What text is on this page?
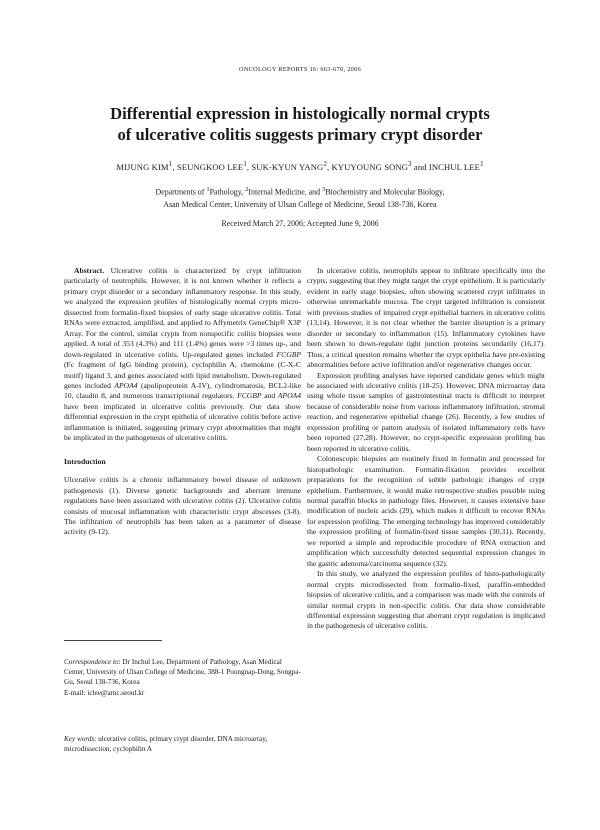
ONCOLOGY REPORTS 16: 663-670, 2006
Differential expression in histologically normal crypts
of ulcerative colitis suggests primary crypt disorder
MIJUNG KIM$^1$, SEUNGKOO LEE$^1$, SUK-KYUN YANG$^2$, KYUYOUNG SONG$^3$ and INCHUL LEE$^1$
Departments of $^1$Pathology, $^2$Internal Medicine, and $^3$Biochemistry and Molecular Biology,
Asan Medical Center, University of Ulsan College of Medicine, Seoul 138-736, Korea
Received March 27, 2006; Accepted June 9, 2006

Abstract. Ulcerative colitis is characterized by crypt infiltration particularly of neutrophils. However, it is not known whether it reflects a primary crypt disorder or a secondary inflammatory response. In this study, we analyzed the expression profiles of histologically normal crypts micro-dissected from formalin-fixed biopsies of early stage ulcerative colitis. Total RNAs were extracted, amplified, and applied to Affymetrix GeneChip® X3P Array. For the control, similar crypts from nonspecific colitis biopsies were applied. A total of 353 (4.3%) and 111 (1.4%) genes were >3 times up-, and down-regulated in ulcerative colitis. Up-regulated genes included FCGBP (Fc fragment of IgG binding protein), cyclophilin A, chemokine (C-X-C motif) ligand 3, and genes associated with lipid metabolism. Down-regulated genes included APOA4 (apolipoprotein A-IV), cylindromatosis, BCL2-like 10, claudin 8, and numerous transcriptional regulators. FCGBP and APOA4 have been implicated in ulcerative colitis previously. Our data show differential expression in the crypt epithelia of ulcerative colitis before active inflammation is initiated, suggesting primary crypt abnormalities that might be implicated in the pathogenesis of ulcerative colitis.

Introduction

Ulcerative colitis is a chronic inflammatory bowel disease of unknown pathogenesis (1). Diverse genetic backgrounds and aberrant immune regulations have been associated with ulcerative colitis (2). Ulcerative colitis consists of mucosal inflammation with characteristic crypt abscesses (3-8). The infiltration of neutrophils has been taken as a parameter of disease activity (9-12).

Correspondence to: Dr Inchul Lee, Department of Pathology, Asan Medical Center, University of Ulsan College of Medicine, 388-1 Poongnap-Dong, Songpa-Gu, Seoul 138-736, Korea
E-mail: iclee@amc.seoul.kr
Key words: ulcerative colitis, primary crypt disorder, DNA microarray, microdissection, cyclophilin A

In ulcerative colitis, neutrophils appear to infiltrate specifically into the crypts, suggesting that they might target the crypt epithelium. It is particularly evident in early stage biopsies, often showing scattered crypt infiltrates in otherwise unremarkable mucosa. The crypt targeted infiltration is consistent with previous studies of impaired crypt epithelial barriers in ulcerative colitis (13,14). However, it is not clear whether the barrier disruption is a primary disorder or secondary to inflammation (15). Inflammatory cytokines have been shown to down-regulate tight junction proteins secondarily (16,17). Thus, a critical question remains whether the crypt epithelia have pre-existing abnormalities before active infiltration and/or regenerative changes occur.

Expression profiling analyses have reported candidate genes which might be associated with ulcerative colitis (18-25). However, DNA microarray data using whole tissue samples of gastrointestinal tracts is difficult to interpret because of considerable noise from various inflammatory infiltration, stromal reaction, and regenerative epithelial change (26). Recently, a few studies of expression profiling or pattern analysis of isolated inflammatory cells have been reported (27,28). However, no crypt-specific expression profiling has been reported in ulcerative colitis.

Colonoscopic biopsies are routinely fixed in formalin and processed for histopathologic examination. Formalin-fixation provides excellent preparations for the recognition of subtle pathologic changes of crypt epithelium. Furthermore, it would make retrospective studies possible using normal paraffin blocks in pathology files. However, it causes extensive base modification of nucleic acids (29), which makes it difficult to recover RNAs for expression profiling. The emerging technology has improved considerably the expression profiling of formalin-fixed tissue samples (30,31). Recently, we reported a simple and reproducible procedure of RNA extraction and amplification which successfully detected sequential expression changes in the gastric adenoma/carcinoma sequence (32).

In this study, we analyzed the expression profiles of histo-pathologically normal crypts microdissected from formalin-fixed, paraffin-embedded biopsies of ulcerative colitis, and a comparison was made with the controls of similar normal crypts in non-specific colitis. Our data show considerable differential expression suggesting that aberrant crypt regulation is implicated in the pathogenesis of ulcerative colitis.
